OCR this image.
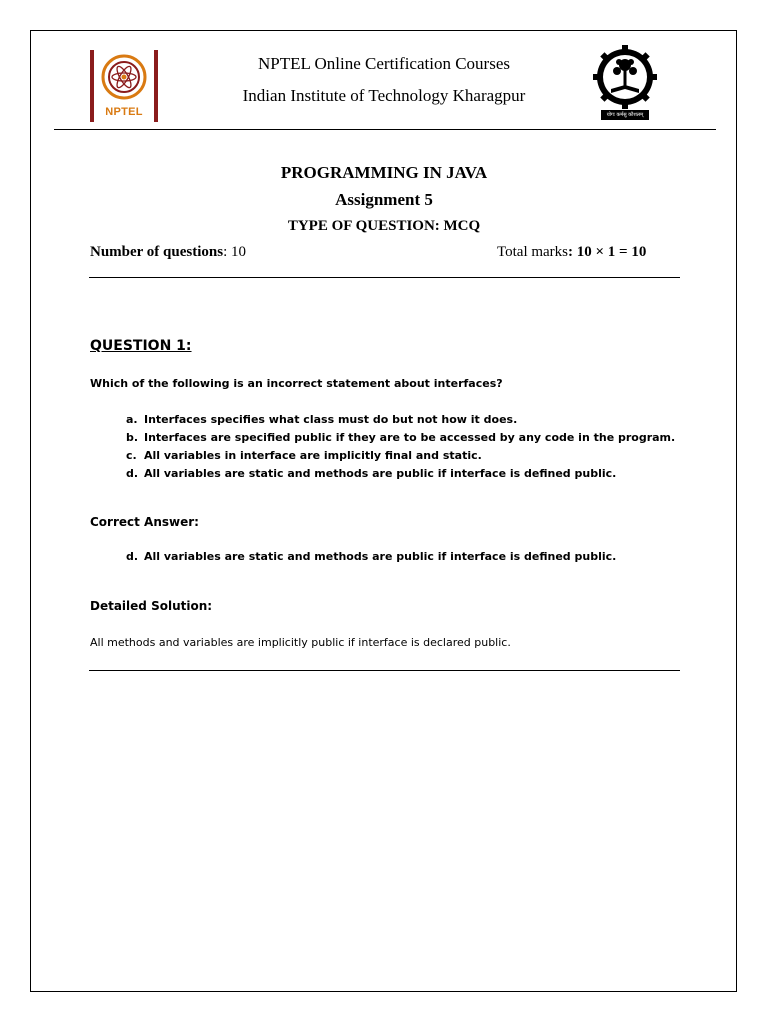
NPTEL
NPTEL Online Certification Courses
Indian Institute of Technology Kharagpur
योगः कर्मसु कौशलम्
PROGRAMMING IN JAVA
Assignment 5
TYPE OF QUESTION: MCQ
Number of questions: 10	Total marks: 10 × 1 = 10
QUESTION 1:
Which of the following is an incorrect statement about interfaces?
a. Interfaces specifies what class must do but not how it does.
b. Interfaces are specified public if they are to be accessed by any code in the program.
c. All variables in interface are implicitly final and static.
d. All variables are static and methods are public if interface is defined public.
Correct Answer:
d. All variables are static and methods are public if interface is defined public.
Detailed Solution:
All methods and variables are implicitly public if interface is declared public.
